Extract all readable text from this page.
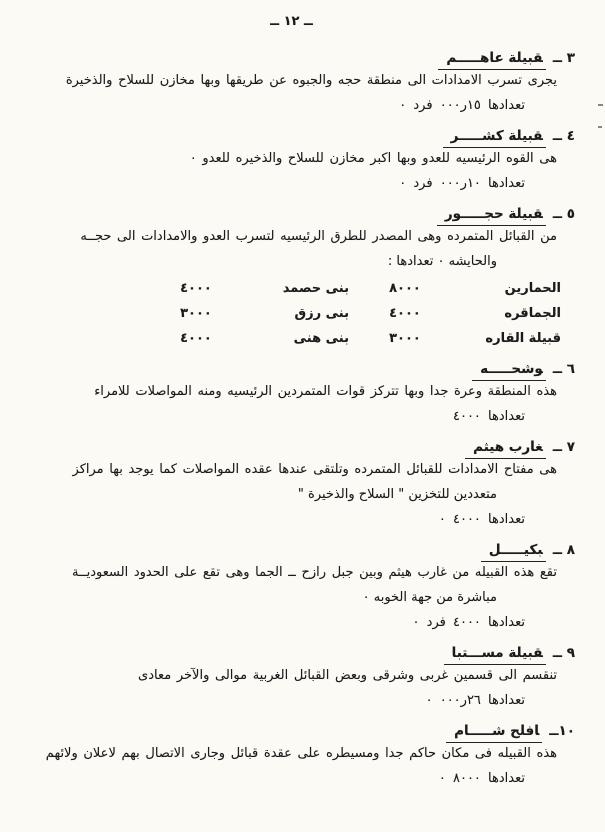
ــ ١٢ ــ
٣ ــقبيلة عاهـــــم

يجرى تسرب الامدادات الى منطقة حجه والجبوه عن طريقها وبها مخازن للسلاح والذخيرة

تعدادها ١٥ر٠٠٠ فرد ٠

٤ ــقبيلة كشـــــر

هى القوه الرئيسيه للعدو وبها اكبر مخازن للسلاح والذخيره للعدو ٠

تعدادها ١٠ر٠٠٠ فرد ٠

٥ ــقبيلة حجـــــور

من القبائل المتمرده وهى المصدر للطرق الرئيسيه لتسرب العدو والامدادات الى حجــه

والحايشه ٠ تعدادها :

الحمارين
٨٠٠٠
بنى حصمد
٤٠٠٠
الجماقره
٤٠٠٠
بنى رزق
٣٠٠٠
قبيلة القاره
٣٠٠٠
بنى هنى
٤٠٠٠
٦ ــوشحـــــه

هذه المنطقة وعرة جدا وبها تتركز قوات المتمردين الرئيسيه ومنه المواصلات للامراء

تعدادها ٤٠٠٠

٧ ــغارب هيثم

هى مفتاح الامدادات للقبائل المتمرده وتلتقى عندها عقده المواصلات كما يوجد بها مراكز

متعددين للتخزين " السلاح والذخيرة "

تعدادها ٤٠٠٠ ٠

٨ ــبكيـــــل

تقع هذه القبيله من غارب هيثم وبين جبل رازح ــ الجما وهى تقع على الحدود السعوديــة

مباشرة من جهة الخوبه ٠

تعدادها ٤٠٠٠ فرد ٠

٩ ــقبيلة مســـتبا

تنقسم الى قسمين غربى وشرقى وبعض القبائل الغربية موالى والآخر معادى

تعدادها ٢٦ر٠٠٠ ٠

١٠ــافلح شـــــام

هذه القبيله فى مكان حاكم جدا ومسيطره على عقدة قبائل وجارى الاتصال بهم لاعلان ولائهم

تعدادها ٨٠٠٠ ٠
